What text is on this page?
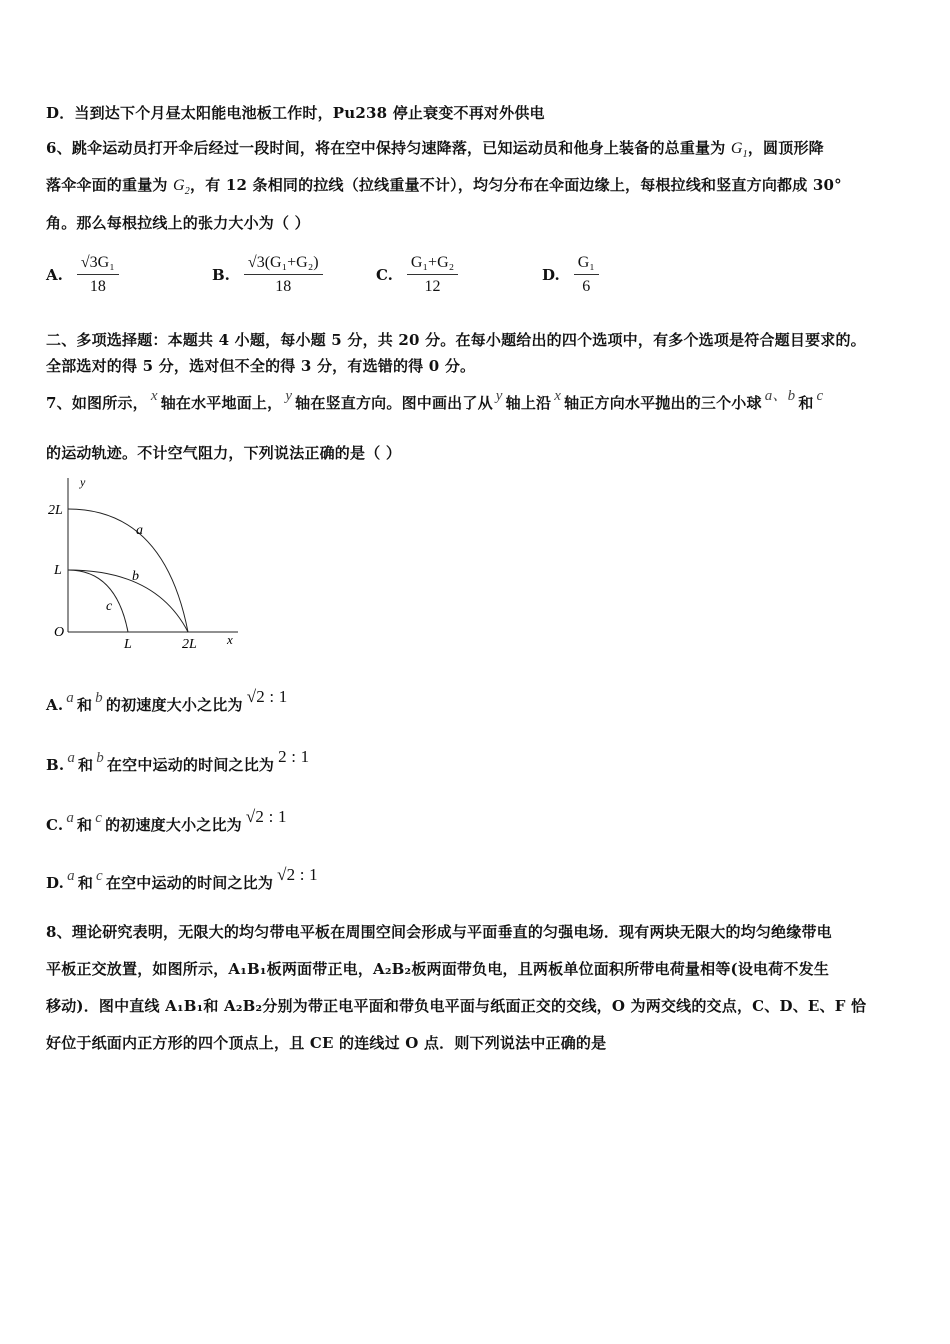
D．当到达下个月昼太阳能电池板工作时，Pu238 停止衰变不再对外供电
6、跳伞运动员打开伞后经过一段时间，将在空中保持匀速降落，已知运动员和他身上装备的总重量为 $G_1$，圆顶形降
落伞伞面的重量为 $G_2$，有 12 条相同的拉线（拉线重量不计），均匀分布在伞面边缘上，每根拉线和竖直方向都成 30°
角。那么每根拉线上的张力大小为（ ）
A. $\frac{\text{√3G₁}}{18}$	B. $\frac{\text{√3(G₁+G₂)}}{18}$	C. $\frac{\text{G₁+G₂}}{12}$	D. $\frac{\text{G₁}}{6}$
二、多项选择题：本题共 4 小题，每小题 5 分，共 20 分。在每小题给出的四个选项中，有多个选项是符合题目要求的。
全部选对的得 5 分，选对但不全的得 3 分，有选错的得 0 分。
7、如图所示， x 轴在水平地面上， y 轴在竖直方向。图中画出了从 y 轴上沿 x 轴正方向水平抛出的三个小球 a、b 和 c
的运动轨迹。不计空气阻力，下列说法正确的是（ ）
y
2L
L
O
L	2L x
a
b
c
A. a 和 b 的初速度大小之比为 √2 : 1
B. a 和 b 在空中运动的时间之比为 2 : 1
C. a 和 c 的初速度大小之比为 √2 : 1
D. a 和 c 在空中运动的时间之比为 √2 : 1
8、理论研究表明，无限大的均匀带电平板在周围空间会形成与平面垂直的匀强电场．现有两块无限大的均匀绝缘带电
平板正交放置，如图所示，A₁B₁板两面带正电，A₂B₂板两面带负电，且两板单位面积所带电荷量相等(设电荷不发生
移动)．图中直线 A₁B₁和 A₂B₂分别为带正电平面和带负电平面与纸面正交的交线，O 为两交线的交点，C、D、E、F 恰
好位于纸面内正方形的四个顶点上，且 CE 的连线过 O 点．则下列说法中正确的是
